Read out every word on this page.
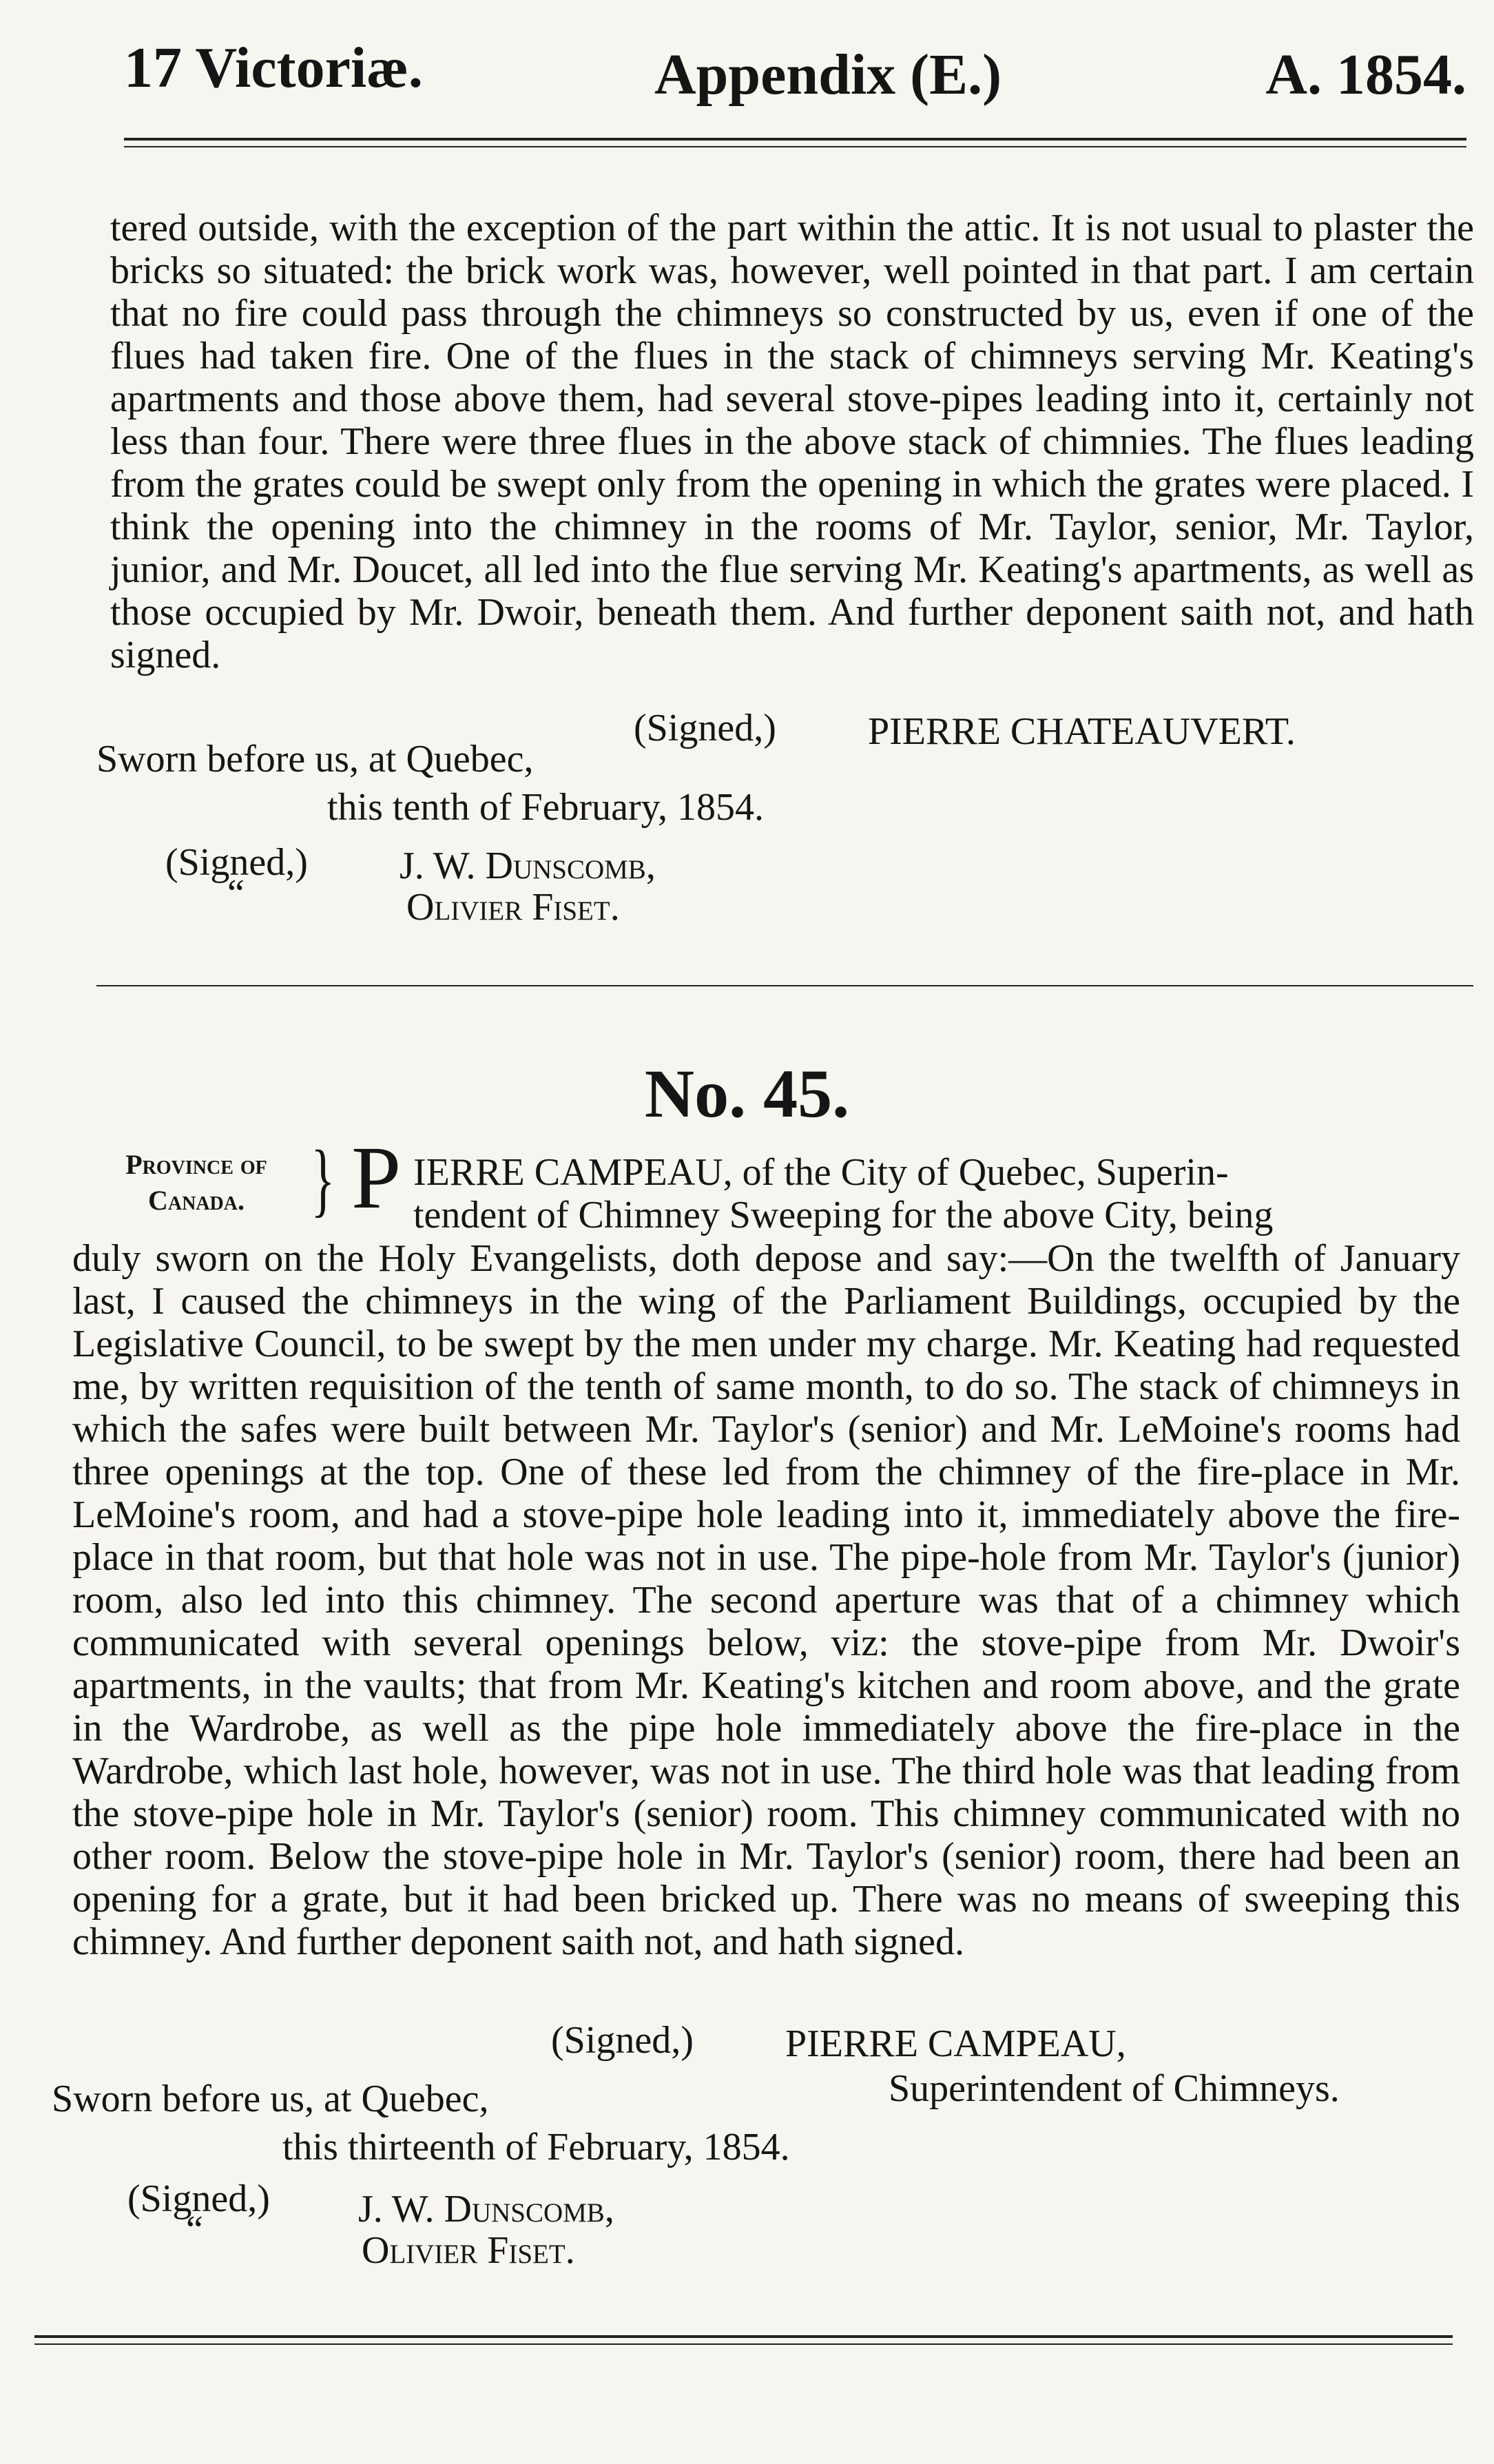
17 Victoriæ.	Appendix (E.)	A. 1854.
tered outside, with the exception of the part within the attic. It is not usual to plaster the bricks so situated: the brick work was, however, well pointed in that part. I am certain that no fire could pass through the chimneys so constructed by us, even if one of the flues had taken fire. One of the flues in the stack of chimneys serving Mr. Keating's apartments and those above them, had several stove-pipes leading into it, certainly not less than four. There were three flues in the above stack of chimnies. The flues leading from the grates could be swept only from the opening in which the grates were placed. I think the opening into the chimney in the rooms of Mr. Taylor, senior, Mr. Taylor, junior, and Mr. Doucet, all led into the flue serving Mr. Keating's apartments, as well as those occupied by Mr. Dwoir, beneath them. And further deponent saith not, and hath signed.
(Signed,) PIERRE CHATEAUVERT.
Sworn before us, at Quebec,
this tenth of February, 1854.
(Signed,)
“
J. W. Dunscomb,
Olivier Fiset.
No. 45.
Province of
Canada. } P IERRE CAMPEAU, of the City of Quebec, Superin-
tendent of Chimney Sweeping for the above City, being
duly sworn on the Holy Evangelists, doth depose and say:—On the twelfth of January last, I caused the chimneys in the wing of the Parliament Buildings, occupied by the Legislative Council, to be swept by the men under my charge. Mr. Keating had requested me, by written requisition of the tenth of same month, to do so. The stack of chimneys in which the safes were built between Mr. Taylor's (senior) and Mr. LeMoine's rooms had three openings at the top. One of these led from the chimney of the fire-place in Mr. LeMoine's room, and had a stove-pipe hole leading into it, immediately above the fire-place in that room, but that hole was not in use. The pipe-hole from Mr. Taylor's (junior) room, also led into this chimney. The second aperture was that of a chimney which communicated with several openings below, viz: the stove-pipe from Mr. Dwoir's apartments, in the vaults; that from Mr. Keating's kitchen and room above, and the grate in the Wardrobe, as well as the pipe hole immediately above the fire-place in the Wardrobe, which last hole, however, was not in use. The third hole was that leading from the stove-pipe hole in Mr. Taylor's (senior) room. This chimney communicated with no other room. Below the stove-pipe hole in Mr. Taylor's (senior) room, there had been an opening for a grate, but it had been bricked up. There was no means of sweeping this chimney. And further deponent saith not, and hath signed.
(Signed,) PIERRE CAMPEAU,
Superintendent of Chimneys.
Sworn before us, at Quebec,
this thirteenth of February, 1854.
(Signed,)
“	J. W. Dunscomb,
Olivier Fiset.
